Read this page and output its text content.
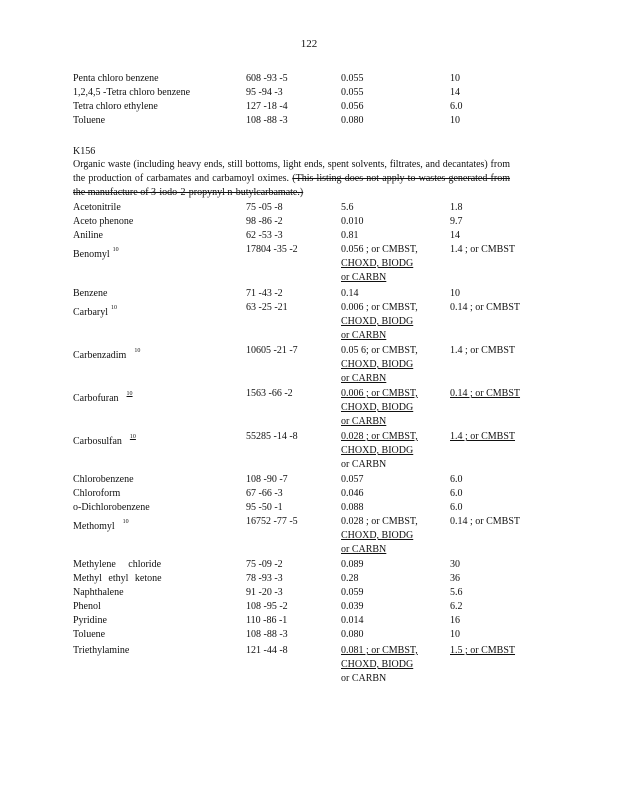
122
Penta chloro benzene	608 -93 -5	0.055	10
1,2,4,5 -Tetra chloro benzene	95 -94 -3	0.055	14
Tetra chloro ethylene	127 -18 -4	0.056	6.0
Toluene	108 -88 -3	0.080	10
K156
Organic waste (including heavy ends, still bottoms, light ends, spent solvents, filtrates, and decantates) from the production of carbamates and carbamoyl oximes. (This listing does not apply to wastes generated from the manufacture of 3-iodo-2-propynyl n-butylcarbamate.)
Acetonitrile	75 -05 -8	5.6	1.8
Aceto phenone	98 -86 -2	0.010	9.7
Aniline	62 -53 -3	0.81	14
Benomyl $^{10}$	17804 -35 -2	0.056 ; or CMBST,	1.4 ; or CMBST
CHOXD, BIODG
or CARBN
Benzene	71 -43 -2	0.14	10
Carbaryl $^{10}$	63 -25 -21	0.006 ; or CMBST,	0.14 ; or CMBST
CHOXD, BIODG
or CARBN
Carbenzadim $^{10}$	10605 -21 -7	0.05 6; or CMBST,	1.4 ; or CMBST
CHOXD, BIODG
or CARBN
Carbofuran $^{10}$	1563 -66 -2	0.006 ; or CMBST,	0.14 ; or CMBST
CHOXD, BIODG
or CARBN
Carbosulfan $^{10}$	55285 -14 -8	0.028 ; or CMBST,	1.4 ; or CMBST
CHOXD, BIODG
or CARBN
Chlorobenzene	108 -90 -7	0.057	6.0
Chloroform	67 -66 -3	0.046	6.0
o-Dichlorobenzene	95 -50 -1	0.088	6.0
Methomyl $^{10}$	16752 -77 -5	0.028 ; or CMBST,	0.14 ; or CMBST
CHOXD, BIODG
or CARBN
Methylene chloride	75 -09 -2	0.089	30
Methyl ethyl ketone	78 -93 -3	0.28	36
Naphthalene	91 -20 -3	0.059	5.6
Phenol	108 -95 -2	0.039	6.2
Pyridine	110 -86 -1	0.014	16
Toluene	108 -88 -3	0.080	10
Triethylamine	121 -44 -8	0.081 ; or CMBST,	1.5 ; or CMBST
CHOXD, BIODG
or CARBN
